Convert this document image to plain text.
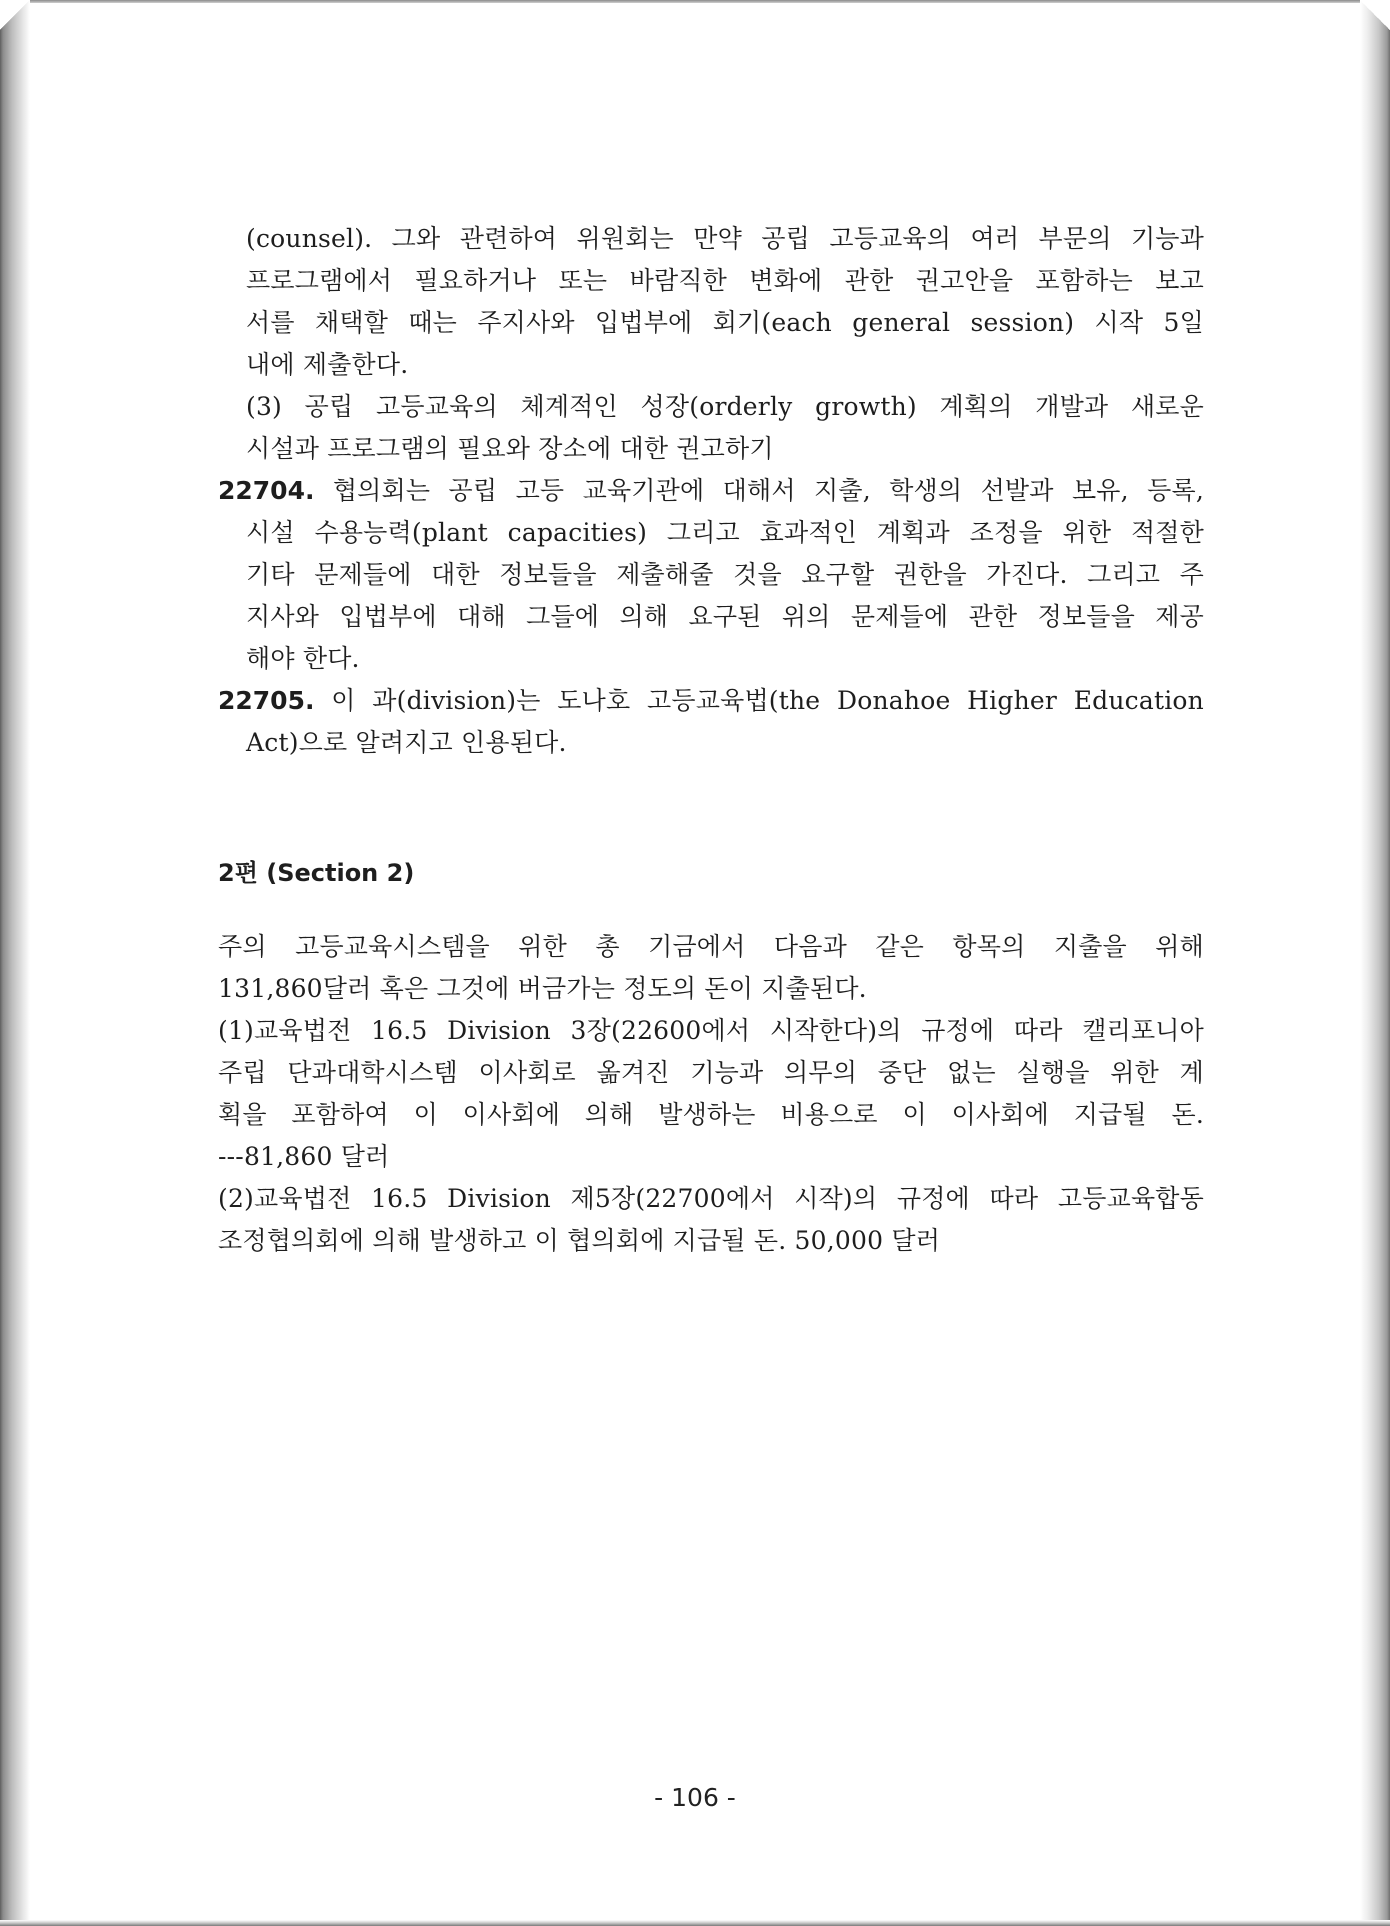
(counsel). 그와 관련하여 위원회는 만약 공립 고등교육의 여러 부문의 기능과
프로그램에서 필요하거나 또는 바람직한 변화에 관한 권고안을 포함하는 보고
서를 채택할 때는 주지사와 입법부에 회기(each general session) 시작 5일
내에 제출한다.
(3) 공립 고등교육의 체계적인 성장(orderly growth) 계획의 개발과 새로운
시설과 프로그램의 필요와 장소에 대한 권고하기
22704. 협의회는 공립 고등 교육기관에 대해서 지출, 학생의 선발과 보유, 등록,
시설 수용능력(plant capacities) 그리고 효과적인 계획과 조정을 위한 적절한
기타 문제들에 대한 정보들을 제출해줄 것을 요구할 권한을 가진다. 그리고 주
지사와 입법부에 대해 그들에 의해 요구된 위의 문제들에 관한 정보들을 제공
해야 한다.
22705. 이 과(division)는 도나호 고등교육법(the Donahoe Higher Education
Act)으로 알려지고 인용된다.
2편 (Section 2)
주의 고등교육시스템을 위한 총 기금에서 다음과 같은 항목의 지출을 위해
131,860달러 혹은 그것에 버금가는 정도의 돈이 지출된다.
(1)교육법전 16.5 Division 3장(22600에서 시작한다)의 규정에 따라 캘리포니아
주립 단과대학시스템 이사회로 옮겨진 기능과 의무의 중단 없는 실행을 위한 계
획을 포함하여 이 이사회에 의해 발생하는 비용으로 이 이사회에 지급될 돈.
---81,860 달러
(2)교육법전 16.5 Division 제5장(22700에서 시작)의 규정에 따라 고등교육합동
조정협의회에 의해 발생하고 이 협의회에 지급될 돈. 50,000 달러
- 106 -
